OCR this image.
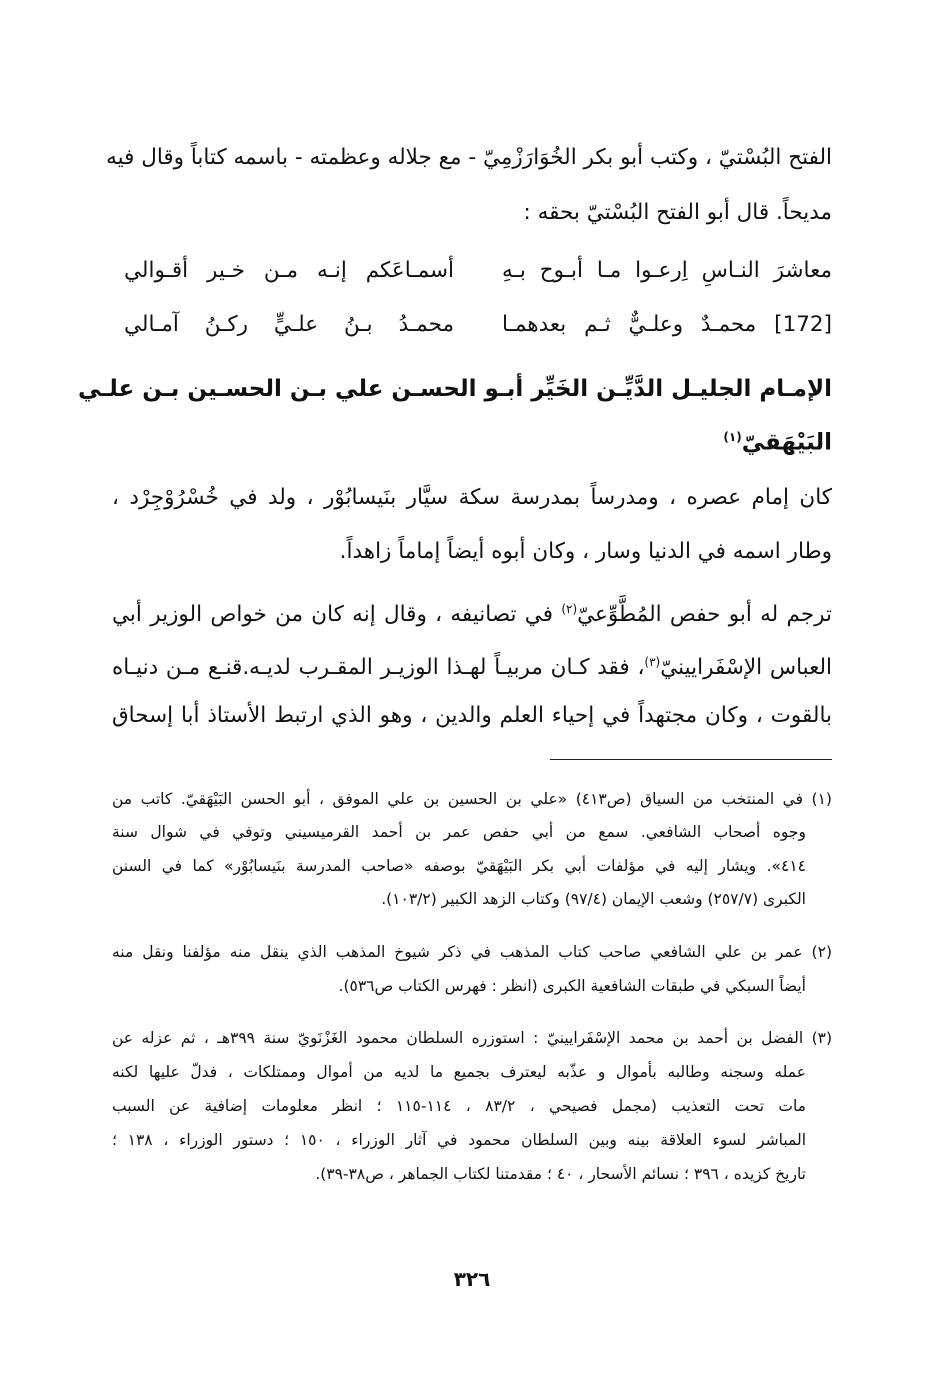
الفتح البُسْتيّ ، وكتب أبو بكر الخُوَارَزْمِيّ - مع جلاله وعظمته - باسمه كتاباً وقال فيه
مديحاً. قال أبو الفتح البُسْتيّ بحقه :
معاشرَ النـاسِ اِرعـوا مـا أبـوح بـهِ
أسمـاعَكم إنـه مـن خـير أقـوالي
[172] محمـدٌ وعلـيٌّ ثـم بعدهمـا
محمـدُ بـنُ علـيٍّ ركـنُ آمـالي
الإمـام الجليـل الدَّيِّـن الخَيِّر أبـو الحسـن علي بـن الحسـين بـن علـي
البَيْهَقيّ$^{(١)}$
كان إمام عصره ، ومدرساً بمدرسة سكة سيَّار بنَيسابُوْر ، ولد في خُسْرُوْجِرْد ،
وطار اسمه في الدنيا وسار ، وكان أبوه أيضاً إماماً زاهداً.
ترجم له أبو حفص المُطَّوِّعيّ$^{(٢)}$ في تصانيفه ، وقال إنه كان من خواص الوزير أبي
العباس الإسْفَرايينيّ$^{(٣)}$، فقد كـان مربيـاً لهـذا الوزيـر المقـرب لديـه.قنـع مـن دنيـاه
بالقوت ، وكان مجتهداً في إحياء العلم والدين ، وهو الذي ارتبط الأستاذ أبا إسحاق
(١) في المنتخب من السياق (ص٤١٣) «علي بن الحسين بن علي الموفق ، أبو الحسن البَيْهَقيّ. كاتب من
وجوه أصحاب الشافعي. سمع من أبي حفص عمر بن أحمد القرميسيني وتوفي في شوال سنة
٤١٤». ويشار إليه في مؤلفات أبي بكر البَيْهَقيّ بوصفه «صاحب المدرسة بنَيسابُوْر» كما في السنن
الكبرى (٢٥٧/٧) وشعب الإيمان (٩٧/٤) وكتاب الزهد الكبير (١٠٣/٢).
(٢) عمر بن علي الشافعي صاحب كتاب المذهب في ذكر شيوخ المذهب الذي ينقل منه مؤلفنا ونقل منه
أيضاً السبكي في طبقات الشافعية الكبرى (انظر : فهرس الكتاب ص٥٣٦).
(٣) الفضل بن أحمد بن محمد الإسْفَرايينيّ : استوزره السلطان محمود الغَزْنَويّ سنة ٣٩٩هـ ، ثم عزله عن
عمله وسجنه وطالبه بأموال و عذّبه ليعترف بجميع ما لديه من أموال وممتلكات ، فدلّ عليها لكنه
مات تحت التعذيب (مجمل فصيحي ، ٨٣/٢ ، ١١٤-١١٥ ؛ انظر معلومات إضافية عن السبب
المباشر لسوء العلاقة بينه وبين السلطان محمود في آثار الوزراء ، ١٥٠ ؛ دستور الوزراء ، ١٣٨ ؛
تاريخ كزيده ، ٣٩٦ ؛ نسائم الأسحار ، ٤٠ ؛ مقدمتنا لكتاب الجماهر ، ص٣٨-٣٩).
٣٢٦
